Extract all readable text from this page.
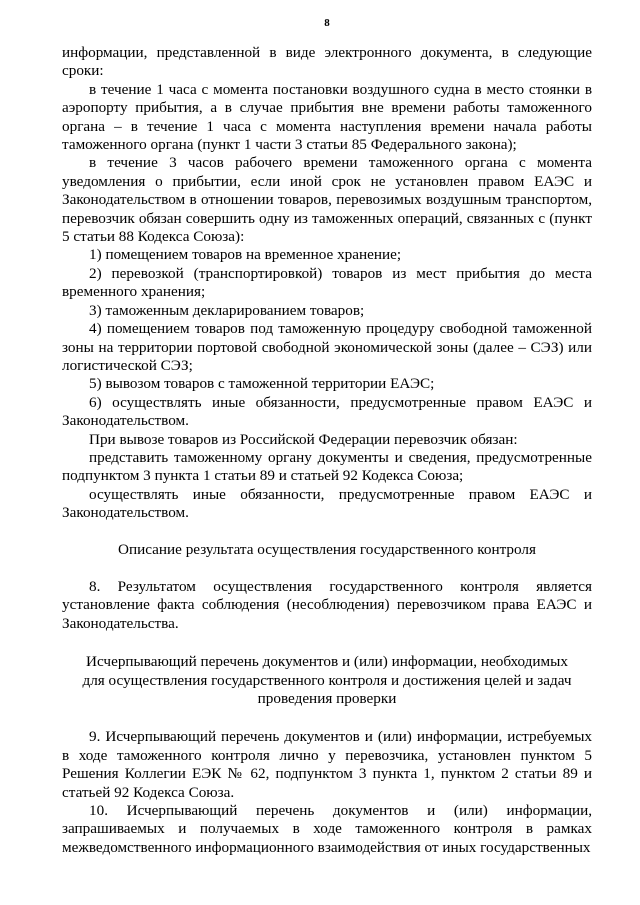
8

информации, представленной в виде электронного документа, в следующие сроки:

в течение 1 часа с момента постановки воздушного судна в место стоянки в аэропорту прибытия, а в случае прибытия вне времени работы таможенного органа – в течение 1 часа с момента наступления времени начала работы таможенного органа (пункт 1 части 3 статьи 85 Федерального закона);

в течение 3 часов рабочего времени таможенного органа с момента уведомления о прибытии, если иной срок не установлен правом ЕАЭС и Законодательством в отношении товаров, перевозимых воздушным транспортом, перевозчик обязан совершить одну из таможенных операций, связанных с (пункт 5 статьи 88 Кодекса Союза):

1) помещением товаров на временное хранение;

2) перевозкой (транспортировкой) товаров из мест прибытия до места временного хранения;

3) таможенным декларированием товаров;

4) помещением товаров под таможенную процедуру свободной таможенной зоны на территории портовой свободной экономической зоны (далее – СЭЗ) или логистической СЭЗ;

5) вывозом товаров с таможенной территории ЕАЭС;

6) осуществлять иные обязанности, предусмотренные правом ЕАЭС и Законодательством.

При вывозе товаров из Российской Федерации перевозчик обязан:

представить таможенному органу документы и сведения, предусмотренные подпунктом 3 пункта 1 статьи 89 и статьей 92 Кодекса Союза;

осуществлять иные обязанности, предусмотренные правом ЕАЭС и Законодательством.

Описание результата осуществления государственного контроля

8. Результатом осуществления государственного контроля является установление факта соблюдения (несоблюдения) перевозчиком права ЕАЭС и Законодательства.

Исчерпывающий перечень документов и (или) информации, необходимых
для осуществления государственного контроля и достижения целей и задач
проведения проверки

9. Исчерпывающий перечень документов и (или) информации, истребуемых в ходе таможенного контроля лично у перевозчика, установлен пунктом 5 Решения Коллегии ЕЭК № 62, подпунктом 3 пункта 1, пунктом 2 статьи 89 и статьей 92 Кодекса Союза.

10. Исчерпывающий перечень документов и (или) информации, запрашиваемых и получаемых в ходе таможенного контроля в рамках межведомственного информационного взаимодействия от иных государственных
